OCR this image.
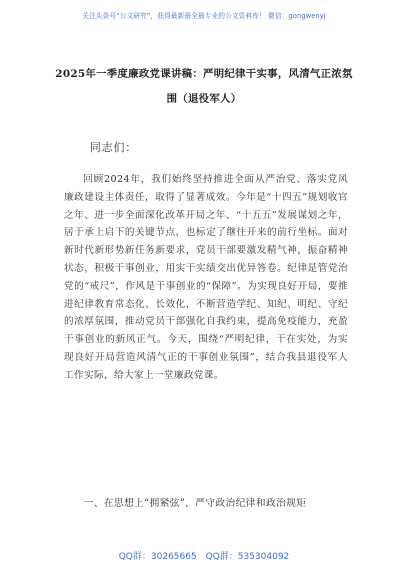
关注头条号“公文研究”，获得最新最全最专业的公文资料库！ 微信：gongwenyj
2025年一季度廉政党课讲稿：严明纪律干实事，风清气正浓氛围（退役军人）
同志们：

回顾2024年，我们始终坚持推进全面从严治党、落实党风廉政建设主体责任，取得了显著成效。今年是“十四五”规划收官之年、进一步全面深化改革开局之年、“十五五”发展谋划之年，居于承上启下的关键节点，也标定了继往开来的前行坐标。面对新时代新形势新任务新要求，党员干部要激发精气神，振奋精神状态，积极干事创业，用实干实绩交出优异答卷。纪律是管党治党的“戒尺”，作风是干事创业的“保障”。为实现良好开局，要推进纪律教育常态化、长效化，不断营造学纪、知纪、明纪、守纪的浓厚氛围，推动党员干部强化自我约束，提高免疫能力，充盈干事创业的新风正气。今天，围绕“严明纪律，干在实处，为实现良好开局营造风清气正的干事创业氛围”，结合我县退役军人工作实际，给大家上一堂廉政党课。

一、在思想上“拥紧弦”，严守政治纪律和政治规矩

QQ群：30265665 QQ群：535304092
